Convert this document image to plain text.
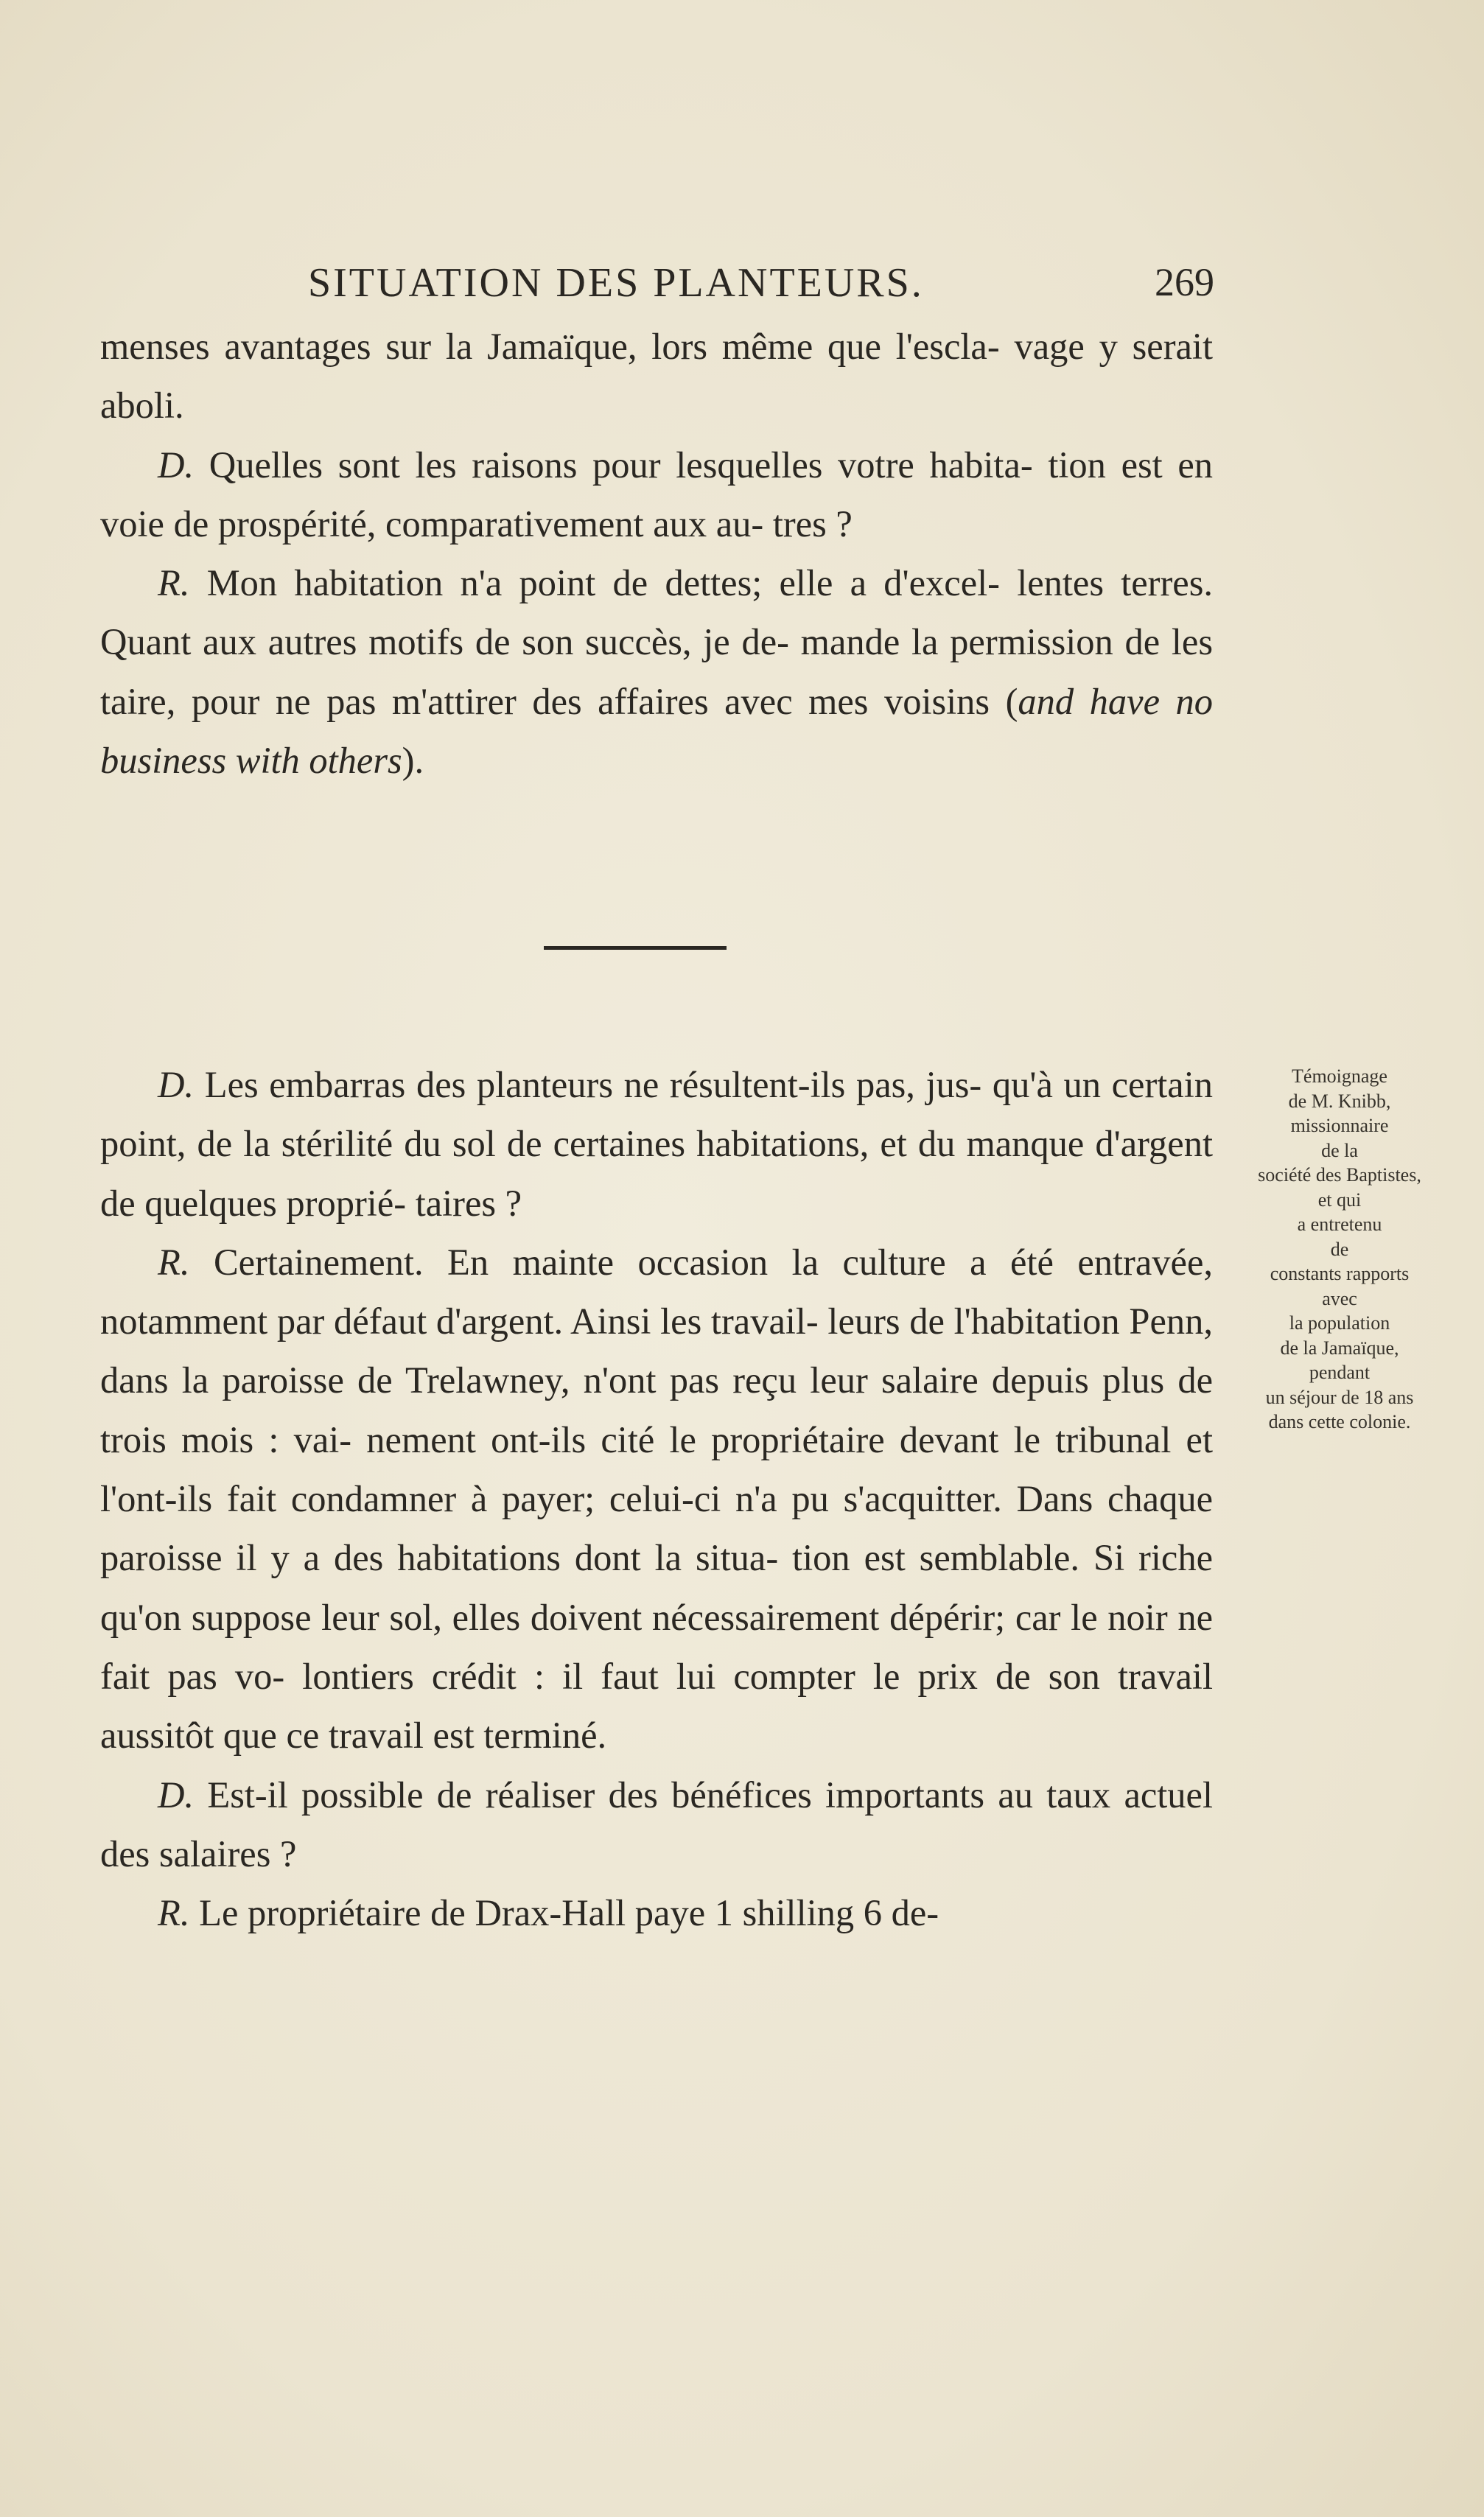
SITUATION DES PLANTEURS.	269

menses avantages sur la Jamaïque, lors même que l'escla- vage y serait aboli.

D. Quelles sont les raisons pour lesquelles votre habita- tion est en voie de prospérité, comparativement aux au- tres ?

R. Mon habitation n'a point de dettes; elle a d'excel- lentes terres. Quant aux autres motifs de son succès, je de- mande la permission de les taire, pour ne pas m'attirer des affaires avec mes voisins (and have no business with others).

D. Les embarras des planteurs ne résultent-ils pas, jus- qu'à un certain point, de la stérilité du sol de certaines habitations, et du manque d'argent de quelques proprié- taires ?

R. Certainement. En mainte occasion la culture a été entravée, notamment par défaut d'argent. Ainsi les travail- leurs de l'habitation Penn, dans la paroisse de Trelawney, n'ont pas reçu leur salaire depuis plus de trois mois : vai- nement ont-ils cité le propriétaire devant le tribunal et l'ont-ils fait condamner à payer; celui-ci n'a pu s'acquitter. Dans chaque paroisse il y a des habitations dont la situa- tion est semblable. Si riche qu'on suppose leur sol, elles doivent nécessairement dépérir; car le noir ne fait pas vo- lontiers crédit : il faut lui compter le prix de son travail aussitôt que ce travail est terminé.

D. Est-il possible de réaliser des bénéfices importants au taux actuel des salaires ?

R. Le propriétaire de Drax-Hall paye 1 shilling 6 de-

Témoignage
de M. Knibb,
missionnaire
de la
société des Baptistes,
et qui
a entretenu
de
constants rapports
avec
la population
de la Jamaïque,
pendant
un séjour de 18 ans
dans cette colonie.
